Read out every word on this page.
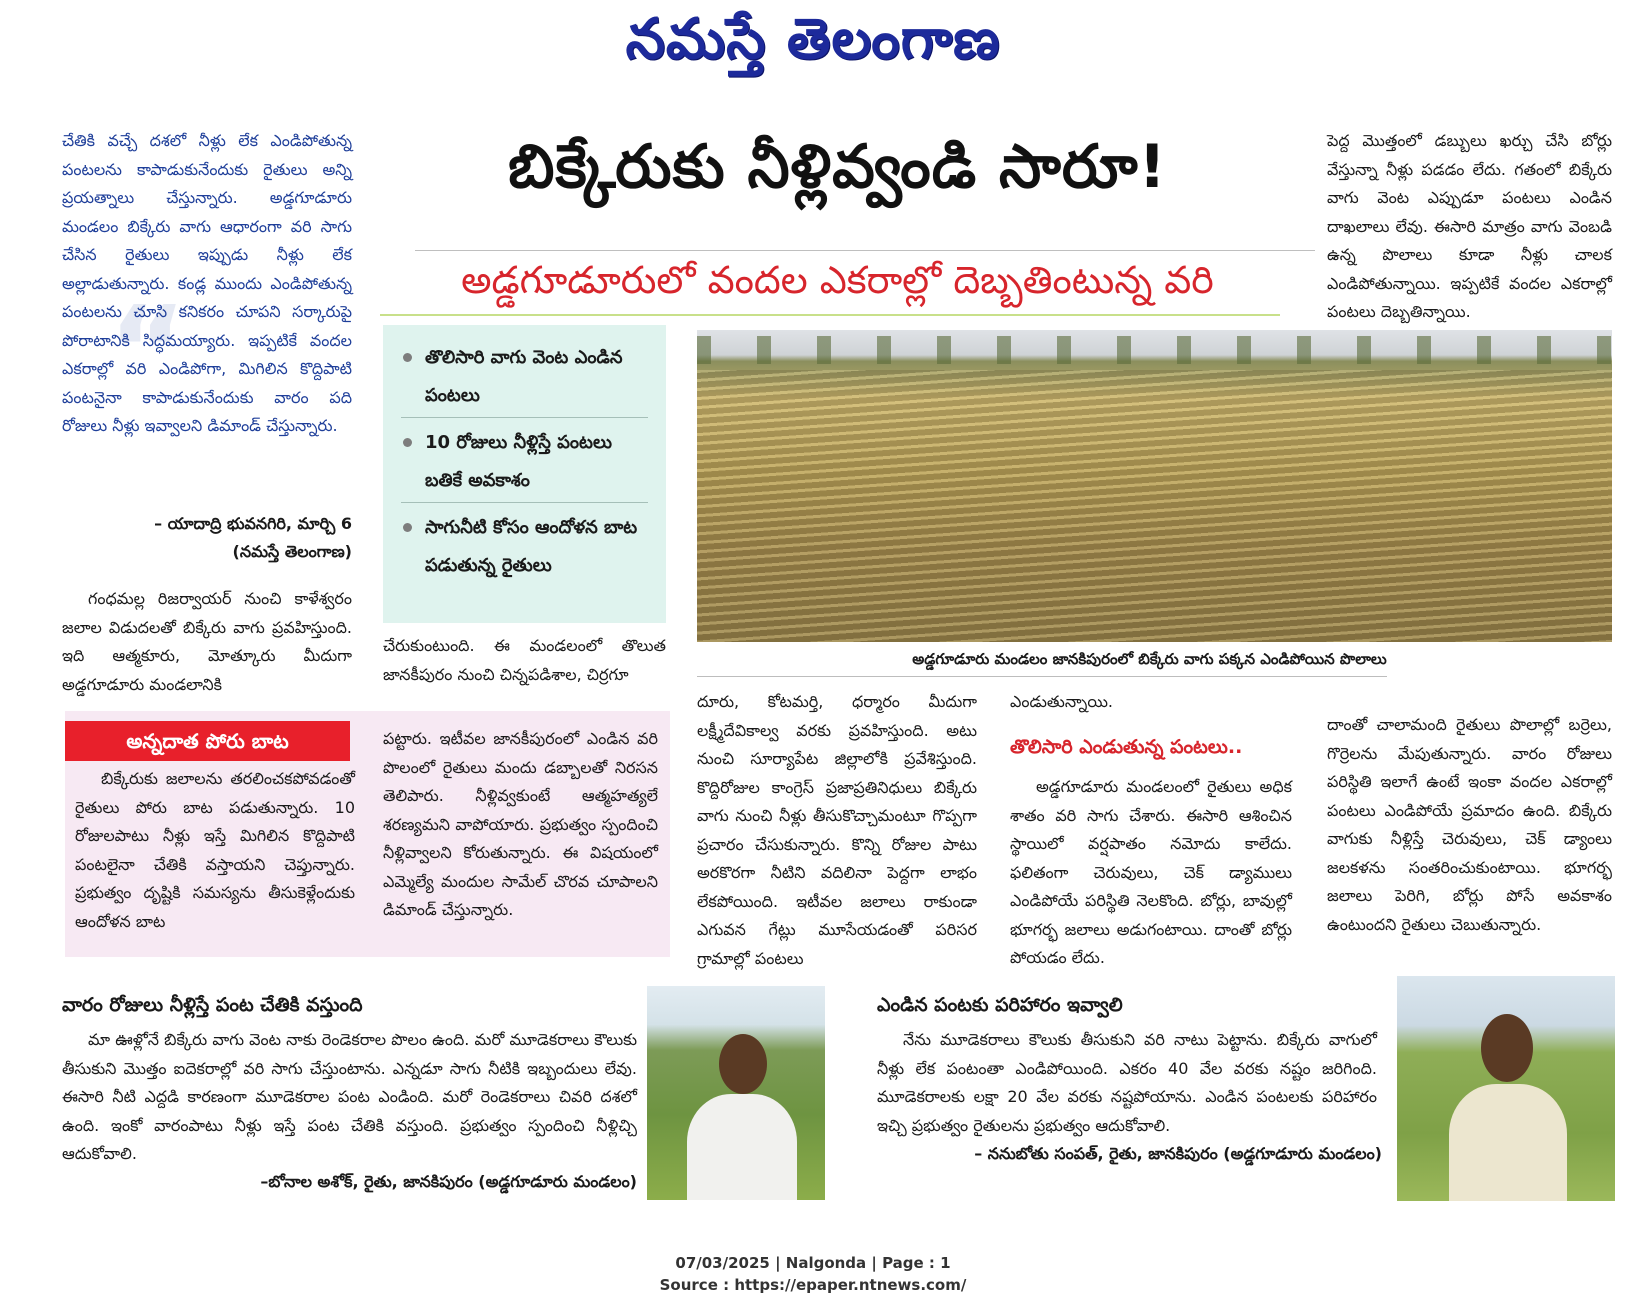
నమస్తే తెలంగాణ
బిక్కేరుకు నీళ్లివ్వండి సారూ!
అడ్డగూడూరులో వందల ఎకరాల్లో దెబ్బతింటున్న వరి
“

చేతికి వచ్చే దశలో నీళ్లు లేక ఎండిపోతున్న పంటలను కాపాడుకునేందుకు రైతులు అన్ని ప్రయత్నాలు చేస్తున్నారు. అడ్డగూడూరు మండలం బిక్కేరు వాగు ఆధారంగా వరి సాగు చేసిన రైతులు ఇప్పుడు నీళ్లు లేక అల్లాడుతున్నారు. కండ్ల ముందు ఎండిపోతున్న పంటలను చూసి కనికరం చూపని సర్కారుపై పోరాటానికి సిద్ధమయ్యారు. ఇప్పటికే వందల ఎకరాల్లో వరి ఎండిపోగా, మిగిలిన కొద్దిపాటి పంటనైనా కాపాడుకునేందుకు వారం పది రోజులు నీళ్లు ఇవ్వాలని డిమాండ్ చేస్తున్నారు.

– యాదాద్రి భువనగిరి, మార్చి 6
(నమస్తే తెలంగాణ)

పెద్ద మొత్తంలో డబ్బులు ఖర్చు చేసి బోర్లు వేస్తున్నా నీళ్లు పడడం లేదు. గతంలో బిక్కేరు వాగు వెంట ఎప్పుడూ పంటలు ఎండిన దాఖలాలు లేవు. ఈసారి మాత్రం వాగు వెంబడి ఉన్న పొలాలు కూడా నీళ్లు చాలక ఎండిపోతున్నాయి. ఇప్పటికే వందల ఎకరాల్లో పంటలు దెబ్బతిన్నాయి.

తొలిసారి వాగు వెంట ఎండిన పంటలు
10 రోజులు నీళ్లిస్తే పంటలు బతికే అవకాశం
సాగునీటి కోసం ఆందోళన బాట పడుతున్న రైతులు
అడ్డగూడూరు మండలం జానకిపురంలో బిక్కేరు వాగు పక్కన ఎండిపోయిన పొలాలు

గంధమల్ల రిజర్వాయర్ నుంచి కాళేశ్వరం జలాల విడుదలతో బిక్కేరు వాగు ప్రవహిస్తుంది. ఇది ఆత్మకూరు, మోత్కూరు మీదుగా అడ్డగూడూరు మండలానికి

చేరుకుంటుంది. ఈ మండలంలో తొలుత జానకీపురం నుంచి చిన్నపడిశాల, చిర్రగూ

అన్నదాత పోరు బాట

బిక్కేరుకు జలాలను తరలించకపోవడంతో రైతులు పోరు బాట పడుతున్నారు. 10 రోజులపాటు నీళ్లు ఇస్తే మిగిలిన కొద్దిపాటి పంటలైనా చేతికి వస్తాయని చెప్తున్నారు. ప్రభుత్వం దృష్టికి సమస్యను తీసుకెళ్లేందుకు ఆందోళన బాట

పట్టారు. ఇటీవల జానకీపురంలో ఎండిన వరి పొలంలో రైతులు మందు డబ్బాలతో నిరసన తెలిపారు. నీళ్లివ్వకుంటే ఆత్మహత్యలే శరణ్యమని వాపోయారు. ప్రభుత్వం స్పందించి నీళ్లివ్వాలని కోరుతున్నారు. ఈ విషయంలో ఎమ్మెల్యే మందుల సామేల్ చొరవ చూపాలని డిమాండ్ చేస్తున్నారు.

దూరు, కోటమర్తి, ధర్మారం మీదుగా లక్ష్మీదేవికాల్వ వరకు ప్రవహిస్తుంది. అటు నుంచి సూర్యాపేట జిల్లాలోకి ప్రవేశిస్తుంది. కొద్దిరోజుల కాంగ్రెస్ ప్రజాప్రతినిధులు బిక్కేరు వాగు నుంచి నీళ్లు తీసుకొచ్చామంటూ గొప్పగా ప్రచారం చేసుకున్నారు. కొన్ని రోజుల పాటు అరకొరగా నీటిని వదిలినా పెద్దగా లాభం లేకపోయింది. ఇటీవల జలాలు రాకుండా ఎగువన గేట్లు మూసేయడంతో పరిసర గ్రామాల్లో పంటలు

ఎండుతున్నాయి.

తొలిసారి ఎండుతున్న పంటలు..

అడ్డగూడూరు మండలంలో రైతులు అధిక శాతం వరి సాగు చేశారు. ఈసారి ఆశించిన స్థాయిలో వర్షపాతం నమోదు కాలేదు. ఫలితంగా చెరువులు, చెక్ డ్యాములు ఎండిపోయే పరిస్థితి నెలకొంది. బోర్లు, బావుల్లో భూగర్భ జలాలు అడుగంటాయి. దాంతో బోర్లు పోయడం లేదు.

దాంతో చాలామంది రైతులు పొలాల్లో బర్రెలు, గొర్రెలను మేపుతున్నారు. వారం రోజులు పరిస్థితి ఇలాగే ఉంటే ఇంకా వందల ఎకరాల్లో పంటలు ఎండిపోయే ప్రమాదం ఉంది. బిక్కేరు వాగుకు నీళ్లిస్తే చెరువులు, చెక్ డ్యాంలు జలకళను సంతరించుకుంటాయి. భూగర్భ జలాలు పెరిగి, బోర్లు పోసే అవకాశం ఉంటుందని రైతులు చెబుతున్నారు.

వారం రోజులు నీళ్లిస్తే పంట చేతికి వస్తుంది

మా ఊళ్లోనే బిక్కేరు వాగు వెంట నాకు రెండెకరాల పొలం ఉంది. మరో మూడెకరాలు కౌలుకు తీసుకుని మొత్తం ఐదెకరాల్లో వరి సాగు చేస్తుంటాను. ఎన్నడూ సాగు నీటికి ఇబ్బందులు లేవు. ఈసారి నీటి ఎద్దడి కారణంగా మూడెకరాల పంట ఎండింది. మరో రెండెకరాలు చివరి దశలో ఉంది. ఇంకో వారంపాటు నీళ్లు ఇస్తే పంట చేతికి వస్తుంది. ప్రభుత్వం స్పందించి నీళ్లిచ్చి ఆదుకోవాలి.

–బోనాల అశోక్, రైతు, జానకిపురం (అడ్డగూడూరు మండలం)
ఎండిన పంటకు పరిహారం ఇవ్వాలి

నేను మూడెకరాలు కౌలుకు తీసుకుని వరి నాటు పెట్టాను. బిక్కేరు వాగులో నీళ్లు లేక పంటంతా ఎండిపోయింది. ఎకరం 40 వేల వరకు నష్టం జరిగింది. మూడెకరాలకు లక్షా 20 వేల వరకు నష్టపోయాను. ఎండిన పంటలకు పరిహారం ఇచ్చి ప్రభుత్వం రైతులను ప్రభుత్వం ఆదుకోవాలి.

– ననుబోతు సంపత్, రైతు, జానకిపురం (అడ్డగూడూరు మండలం)
07/03/2025 | Nalgonda | Page : 1
Source : https://epaper.ntnews.com/
